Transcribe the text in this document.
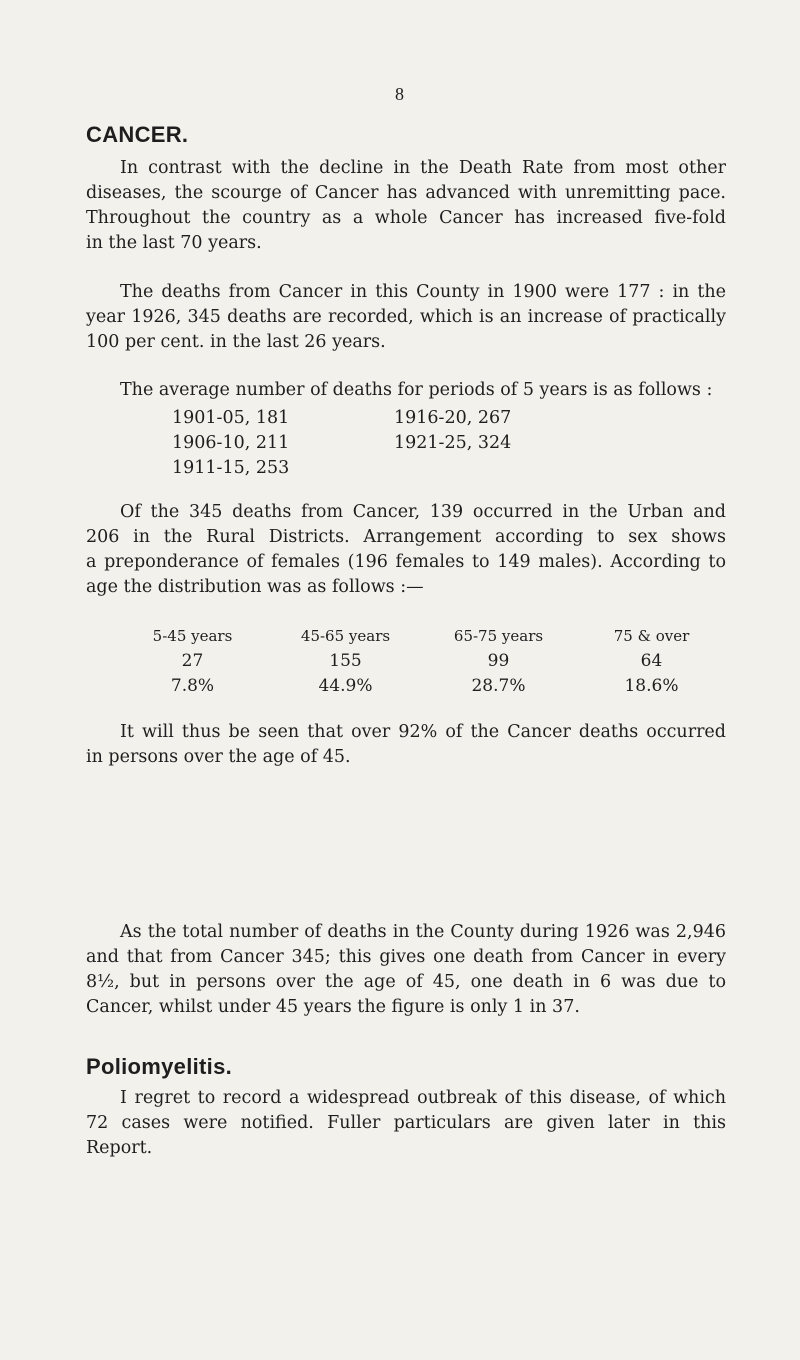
8
CANCER.
In contrast with the decline in the Death Rate from most other
diseases, the scourge of Cancer has advanced with unremitting pace.
Throughout the country as a whole Cancer has increased five-fold
in the last 70 years.
The deaths from Cancer in this County in 1900 were 177 : in the
year 1926, 345 deaths are recorded, which is an increase of practically
100 per cent. in the last 26 years.
The average number of deaths for periods of 5 years is as follows :
1901-05, 181	1916-20, 267
1906-10, 211	1921-25, 324
1911-15, 253
Of the 345 deaths from Cancer, 139 occurred in the Urban and
206 in the Rural Districts. Arrangement according to sex shows
a preponderance of females (196 females to 149 males). According to
age the distribution was as follows :—
5-45 years	45-65 years	65-75 years	75 & over
27	155	99	64
7.8%	44.9%	28.7%	18.6%
It will thus be seen that over 92% of the Cancer deaths occurred
in persons over the age of 45.
As the total number of deaths in the County during 1926 was 2,946
and that from Cancer 345; this gives one death from Cancer in every
8½, but in persons over the age of 45, one death in 6 was due to
Cancer, whilst under 45 years the figure is only 1 in 37.
Poliomyelitis.
I regret to record a widespread outbreak of this disease, of which
72 cases were notified. Fuller particulars are given later in this
Report.
